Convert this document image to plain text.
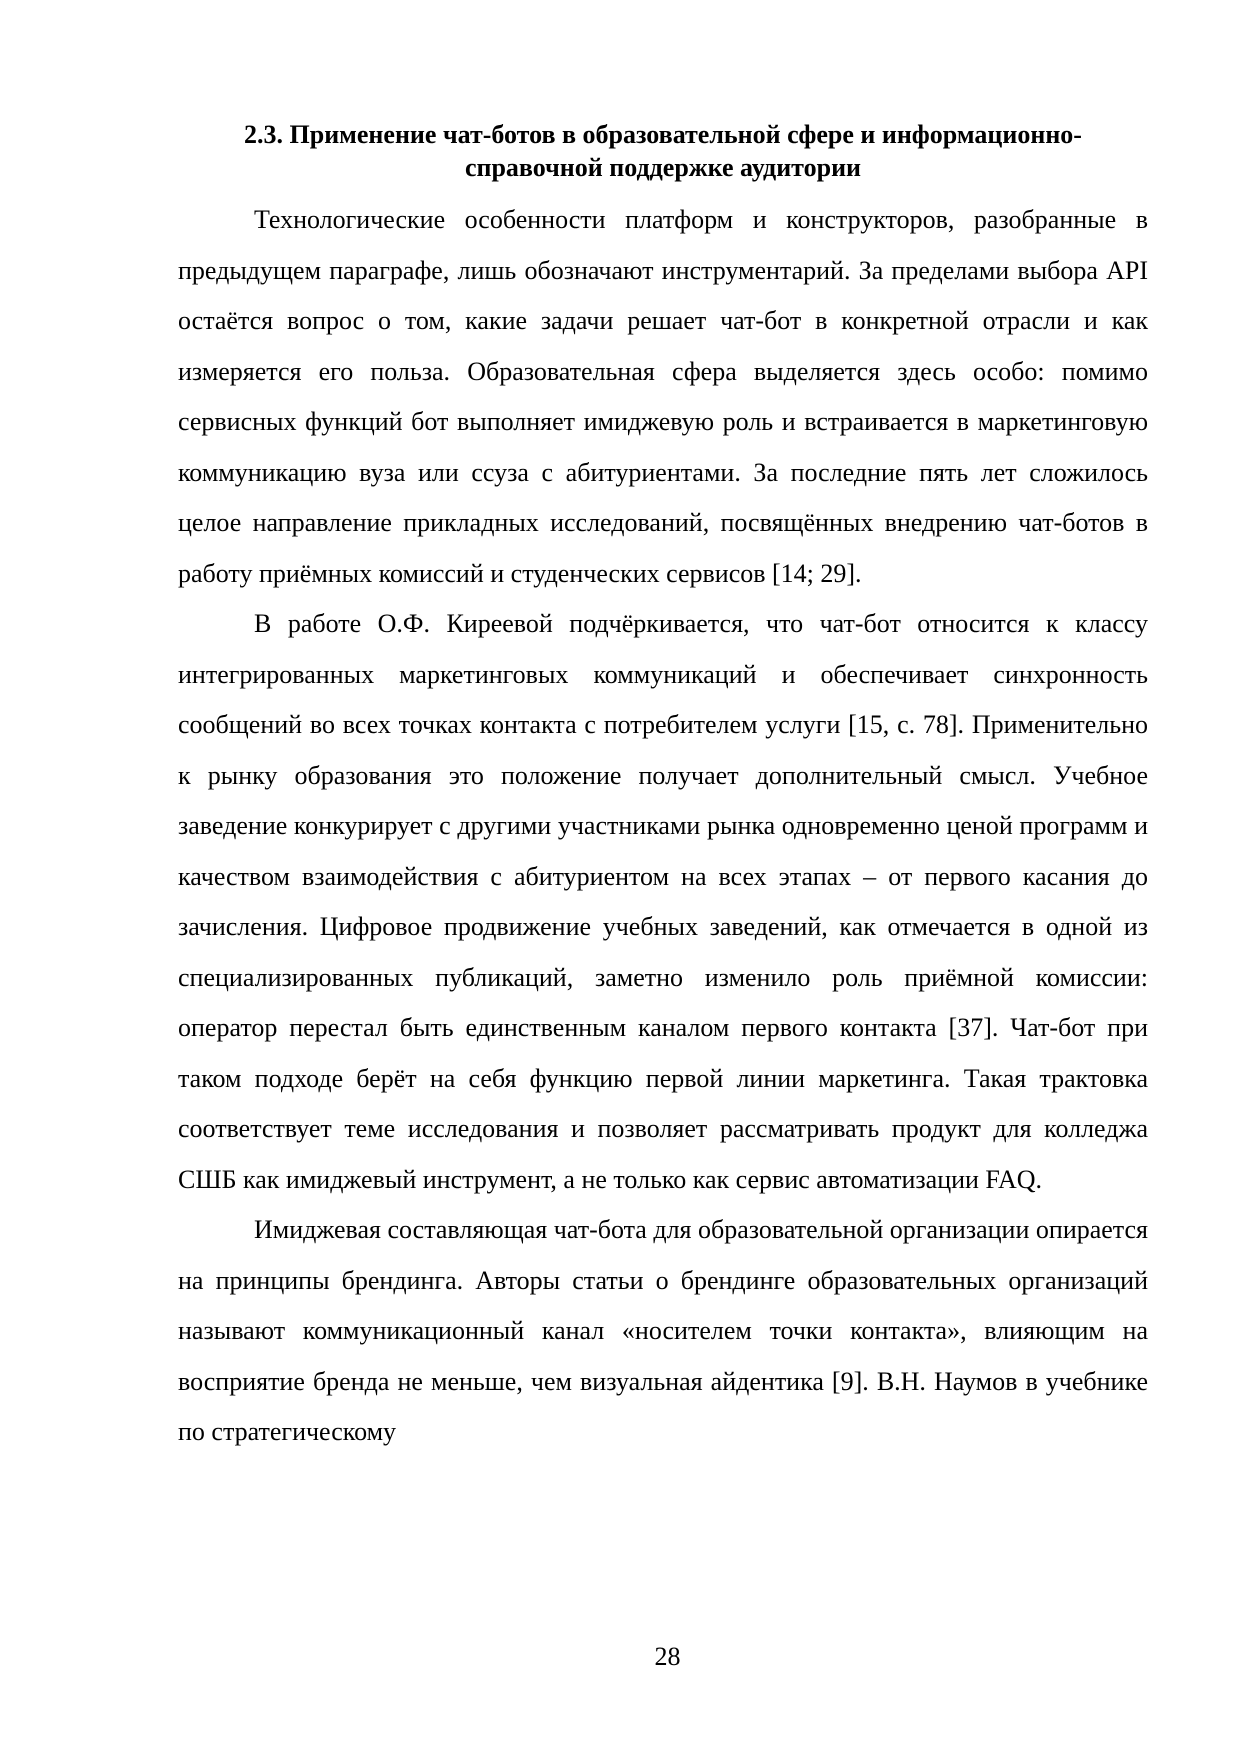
2.3. Применение чат-ботов в образовательной сфере и информационно-справочной поддержке аудитории

Технологические особенности платформ и конструкторов, разобранные в предыдущем параграфе, лишь обозначают инструментарий. За пределами выбора API остаётся вопрос о том, какие задачи решает чат-бот в конкретной отрасли и как измеряется его польза. Образовательная сфера выделяется здесь особо: помимо сервисных функций бот выполняет имиджевую роль и встраивается в маркетинговую коммуникацию вуза или ссуза с абитуриентами. За последние пять лет сложилось целое направление прикладных исследований, посвящённых внедрению чат-ботов в работу приёмных комиссий и студенческих сервисов [14; 29].

В работе О.Ф. Киреевой подчёркивается, что чат-бот относится к классу интегрированных маркетинговых коммуникаций и обеспечивает синхронность сообщений во всех точках контакта с потребителем услуги [15, с. 78]. Применительно к рынку образования это положение получает дополнительный смысл. Учебное заведение конкурирует с другими участниками рынка одновременно ценой программ и качеством взаимодействия с абитуриентом на всех этапах – от первого касания до зачисления. Цифровое продвижение учебных заведений, как отмечается в одной из специализированных публикаций, заметно изменило роль приёмной комиссии: оператор перестал быть единственным каналом первого контакта [37]. Чат-бот при таком подходе берёт на себя функцию первой линии маркетинга. Такая трактовка соответствует теме исследования и позволяет рассматривать продукт для колледжа СШБ как имиджевый инструмент, а не только как сервис автоматизации FAQ.

Имиджевая составляющая чат-бота для образовательной организации опирается на принципы брендинга. Авторы статьи о брендинге образовательных организаций называют коммуникационный канал «носителем точки контакта», влияющим на восприятие бренда не меньше, чем визуальная айдентика [9]. В.Н. Наумов в учебнике по стратегическому

28
